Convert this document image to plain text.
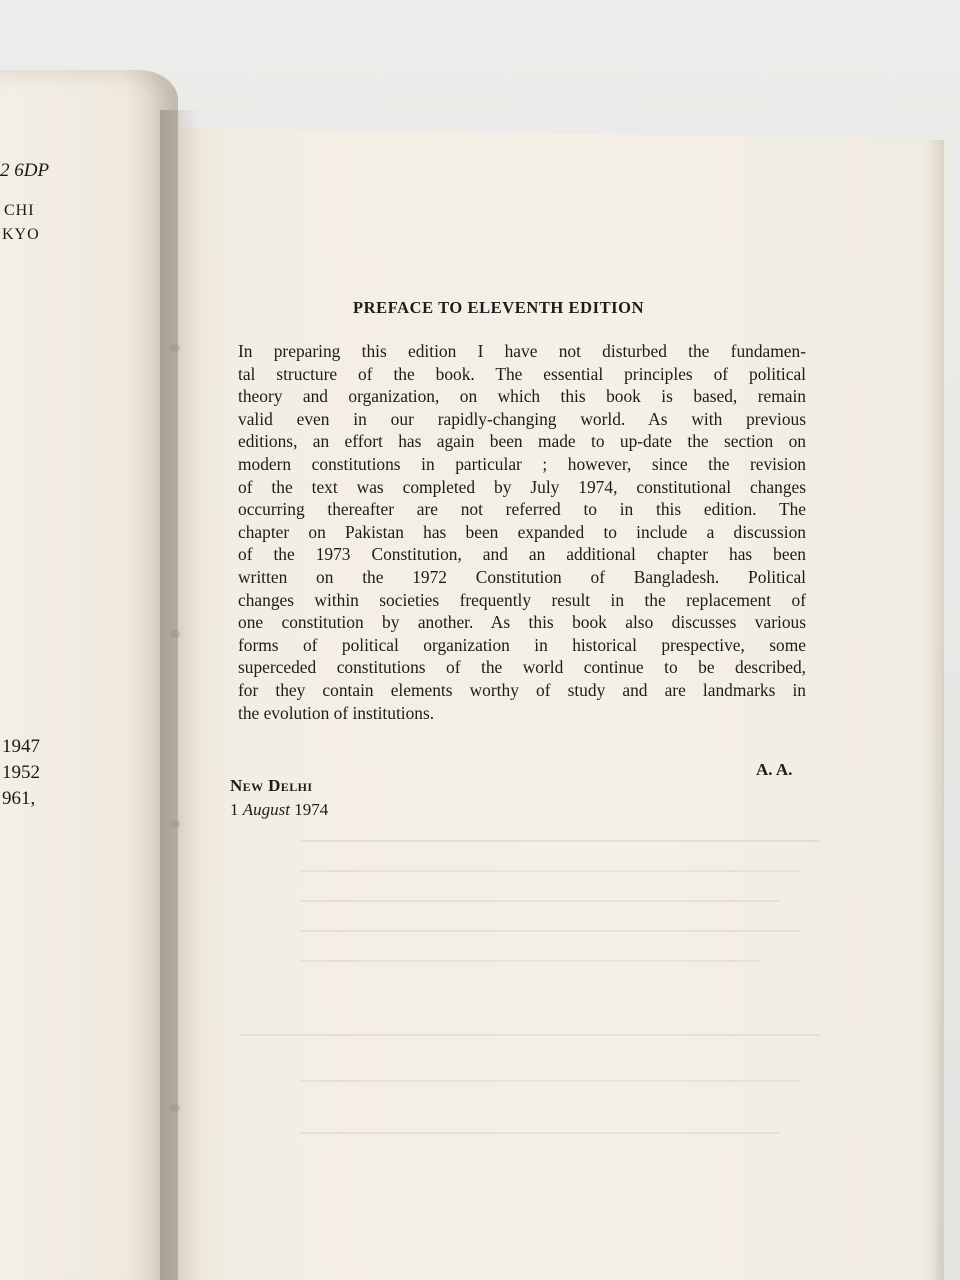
2 6DP
CHI
KYO
1947
1952
961,
PREFACE TO ELEVENTH EDITION
In preparing this edition I have not disturbed the fundamen-
tal structure of the book. The essential principles of political
theory and organization, on which this book is based, remain
valid even in our rapidly-changing world. As with previous
editions, an effort has again been made to up-date the section on
modern constitutions in particular ; however, since the revision
of the text was completed by July 1974, constitutional changes
occurring thereafter are not referred to in this edition. The
chapter on Pakistan has been expanded to include a discussion
of the 1973 Constitution, and an additional chapter has been
written on the 1972 Constitution of Bangladesh. Political
changes within societies frequently result in the replacement of
one constitution by another. As this book also discusses various
forms of political organization in historical prespective, some
superceded constitutions of the world continue to be described,
for they contain elements worthy of study and are landmarks in
the evolution of institutions.
A. A.
New Delhi
1 August 1974
